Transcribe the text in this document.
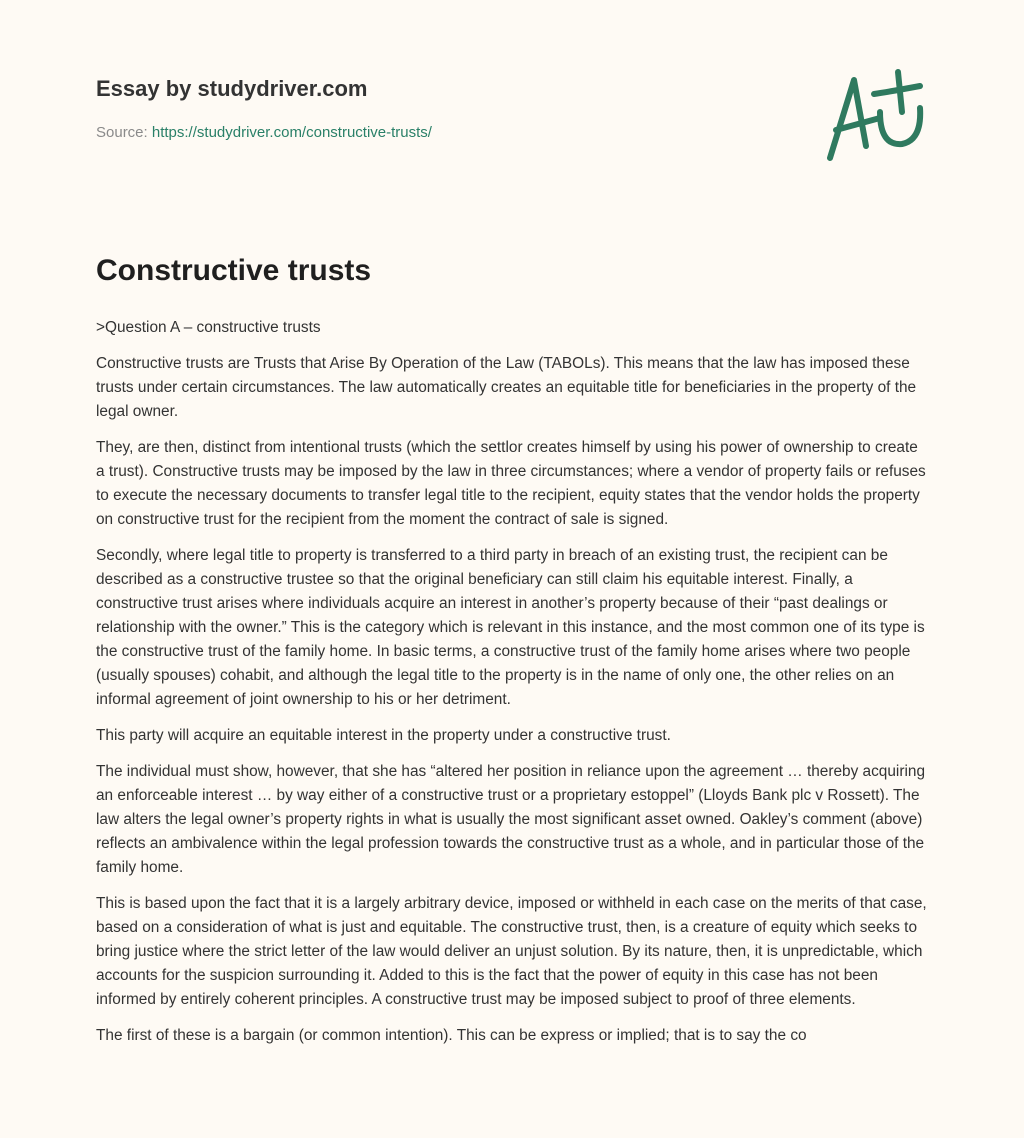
Essay by studydriver.com
Source: https://studydriver.com/constructive-trusts/
Constructive trusts

>Question A – constructive trusts

Constructive trusts are Trusts that Arise By Operation of the Law (TABOLs). This means that the law has imposed these trusts under certain circumstances. The law automatically creates an equitable title for beneficiaries in the property of the legal owner.

They, are then, distinct from intentional trusts (which the settlor creates himself by using his power of ownership to create a trust). Constructive trusts may be imposed by the law in three circumstances; where a vendor of property fails or refuses to execute the necessary documents to transfer legal title to the recipient, equity states that the vendor holds the property on constructive trust for the recipient from the moment the contract of sale is signed.

Secondly, where legal title to property is transferred to a third party in breach of an existing trust, the recipient can be described as a constructive trustee so that the original beneficiary can still claim his equitable interest. Finally, a constructive trust arises where individuals acquire an interest in another’s property because of their “past dealings or relationship with the owner.” This is the category which is relevant in this instance, and the most common one of its type is the constructive trust of the family home. In basic terms, a constructive trust of the family home arises where two people (usually spouses) cohabit, and although the legal title to the property is in the name of only one, the other relies on an informal agreement of joint ownership to his or her detriment.

This party will acquire an equitable interest in the property under a constructive trust.

The individual must show, however, that she has “altered her position in reliance upon the agreement … thereby acquiring an enforceable interest … by way either of a constructive trust or a proprietary estoppel” (Lloyds Bank plc v Rossett). The law alters the legal owner’s property rights in what is usually the most significant asset owned. Oakley’s comment (above) reflects an ambivalence within the legal profession towards the constructive trust as a whole, and in particular those of the family home.

This is based upon the fact that it is a largely arbitrary device, imposed or withheld in each case on the merits of that case, based on a consideration of what is just and equitable. The constructive trust, then, is a creature of equity which seeks to bring justice where the strict letter of the law would deliver an unjust solution. By its nature, then, it is unpredictable, which accounts for the suspicion surrounding it. Added to this is the fact that the power of equity in this case has not been informed by entirely coherent principles. A constructive trust may be imposed subject to proof of three elements.

The first of these is a bargain (or common intention). This can be express or implied; that is to say the co
